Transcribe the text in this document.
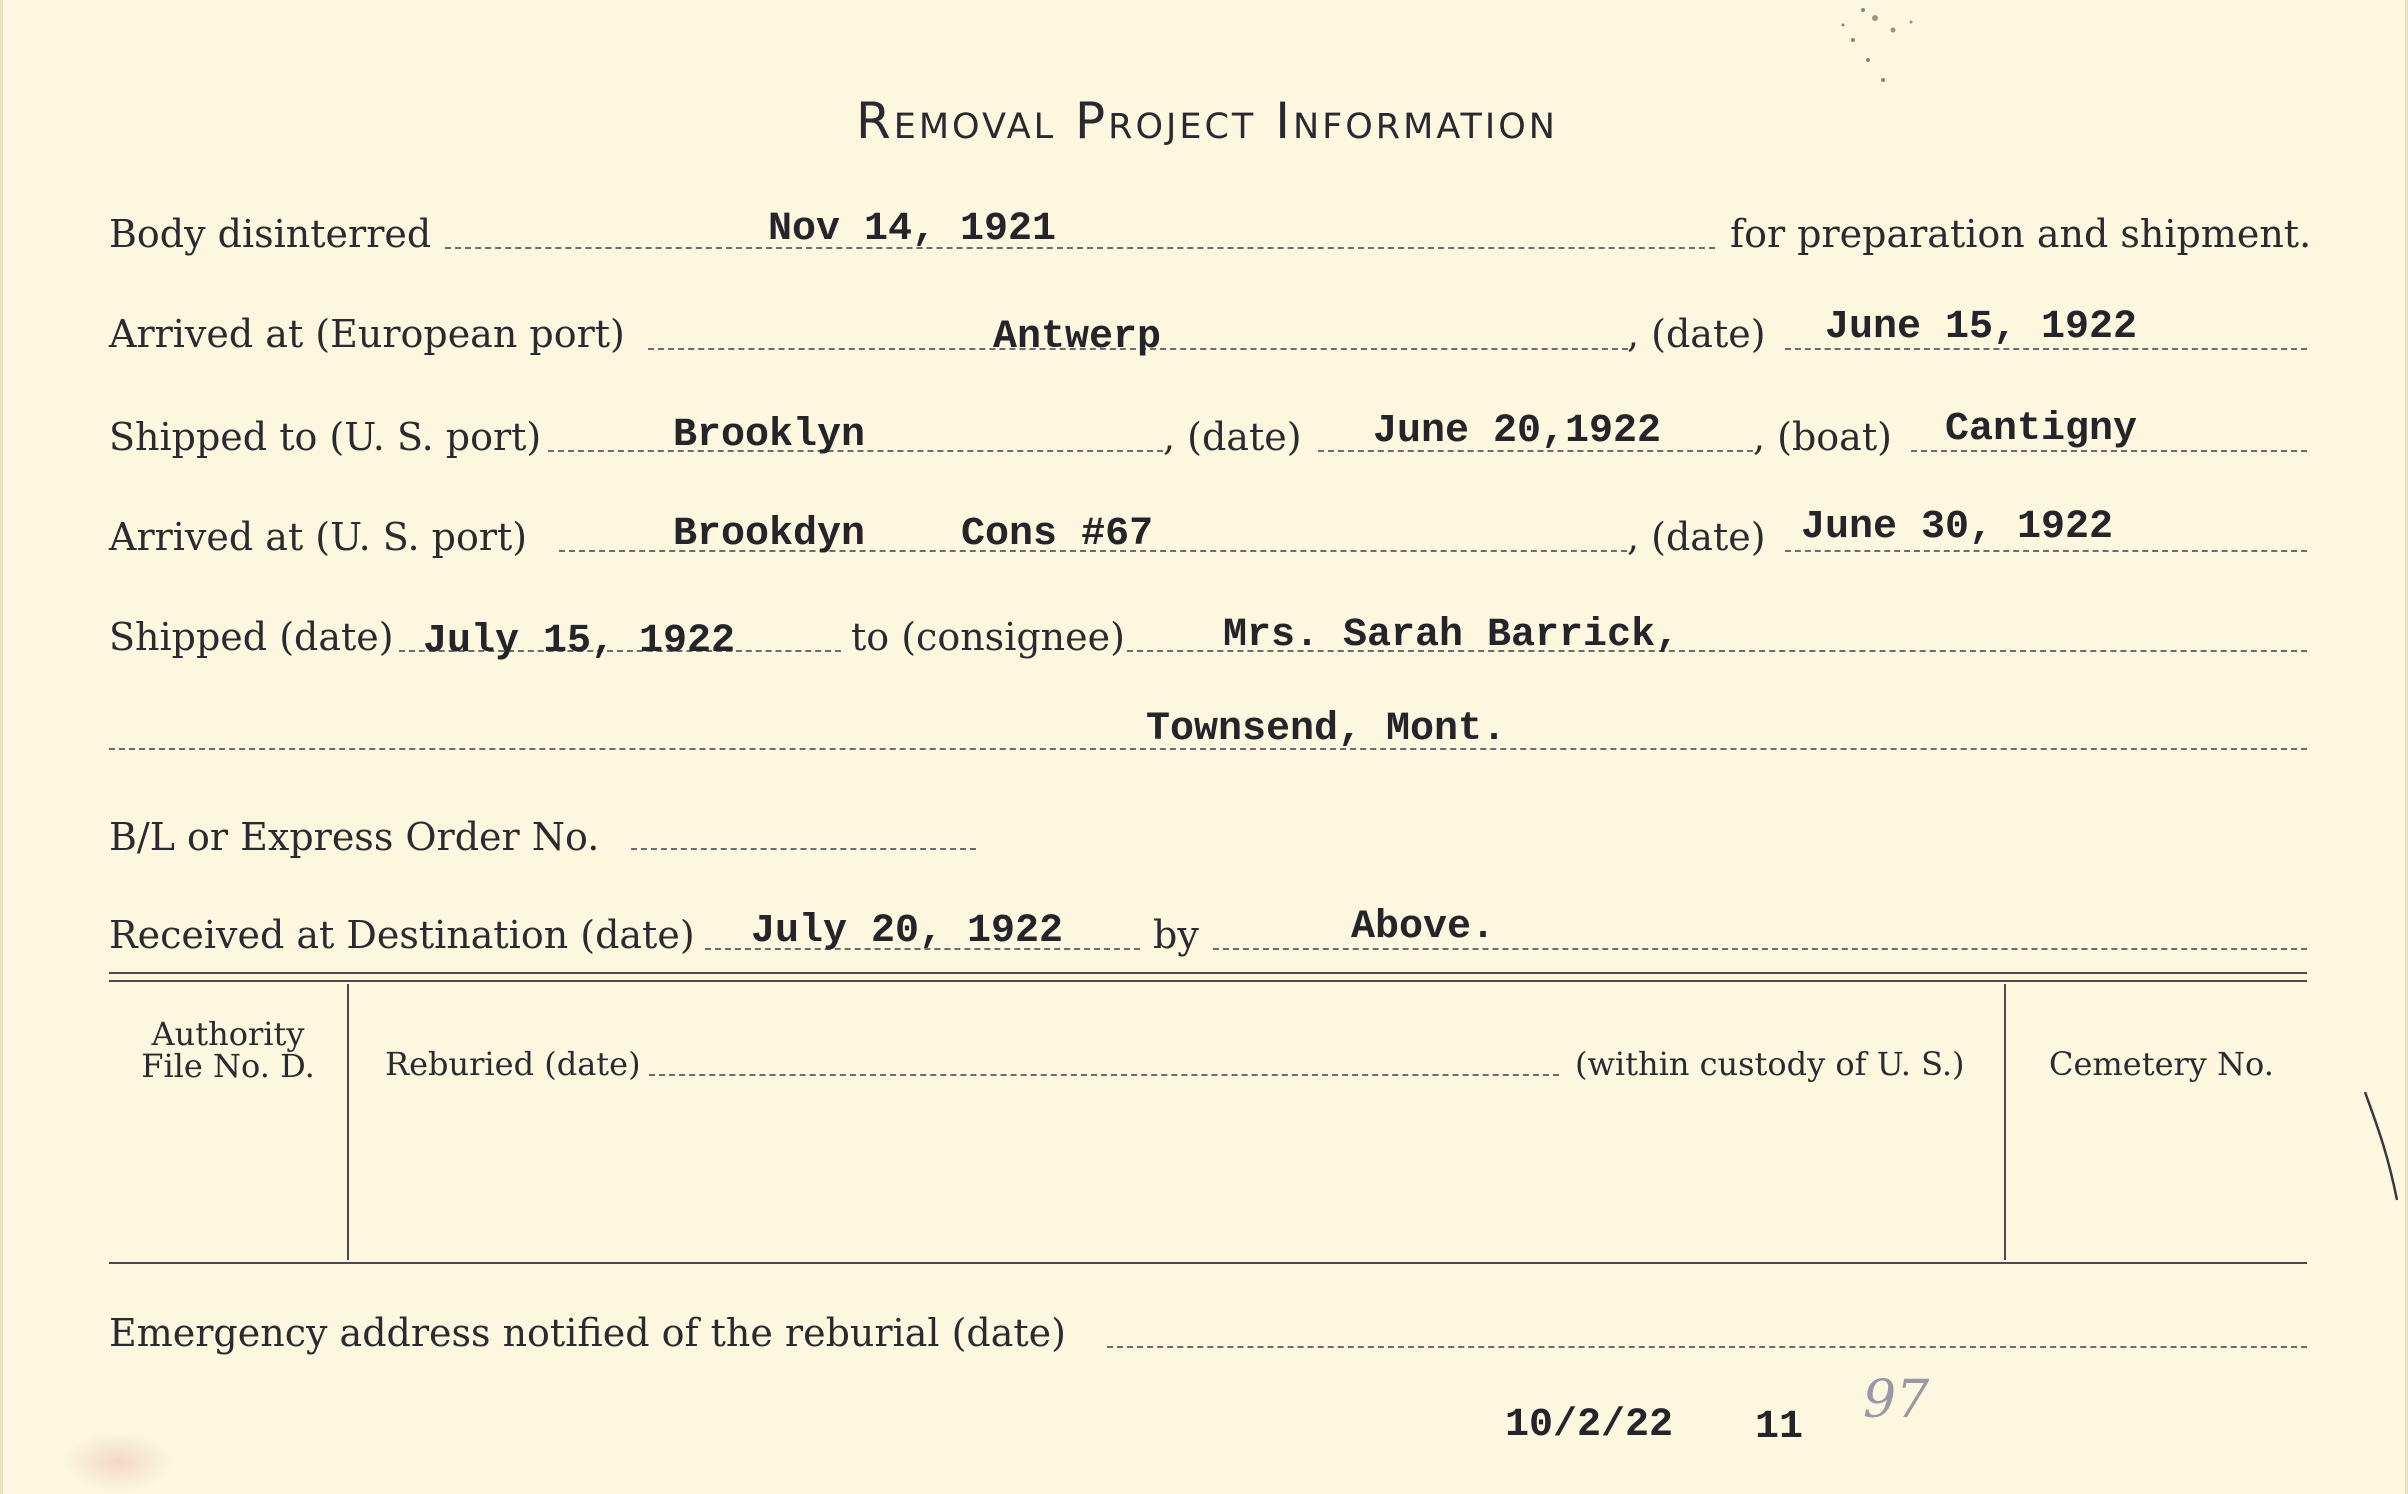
Removal Project Information
Body disinterred	Nov 14, 1921	for preparation and shipment.
Arrived at (European port)	Antwerp	, (date) June 15, 1922
Shipped to (U. S. port)	Brooklyn	, (date) June 20,1922 , (boat) Cantigny
Arrived at (U. S. port)	Brookdyn    Cons #67	, (date) June 30, 1922
Shipped (date) July 15, 1922	to (consignee) Mrs. Sarah Barrick,
Townsend, Mont.
B/L or Express Order No.
Received at Destination (date) July 20, 1922 by	Above.
Authority
File No. D.	Reburied (date)	(within custody of U. S.)	Cemetery No.
Emergency address notified of the reburial (date)
10/2/22 11 97
